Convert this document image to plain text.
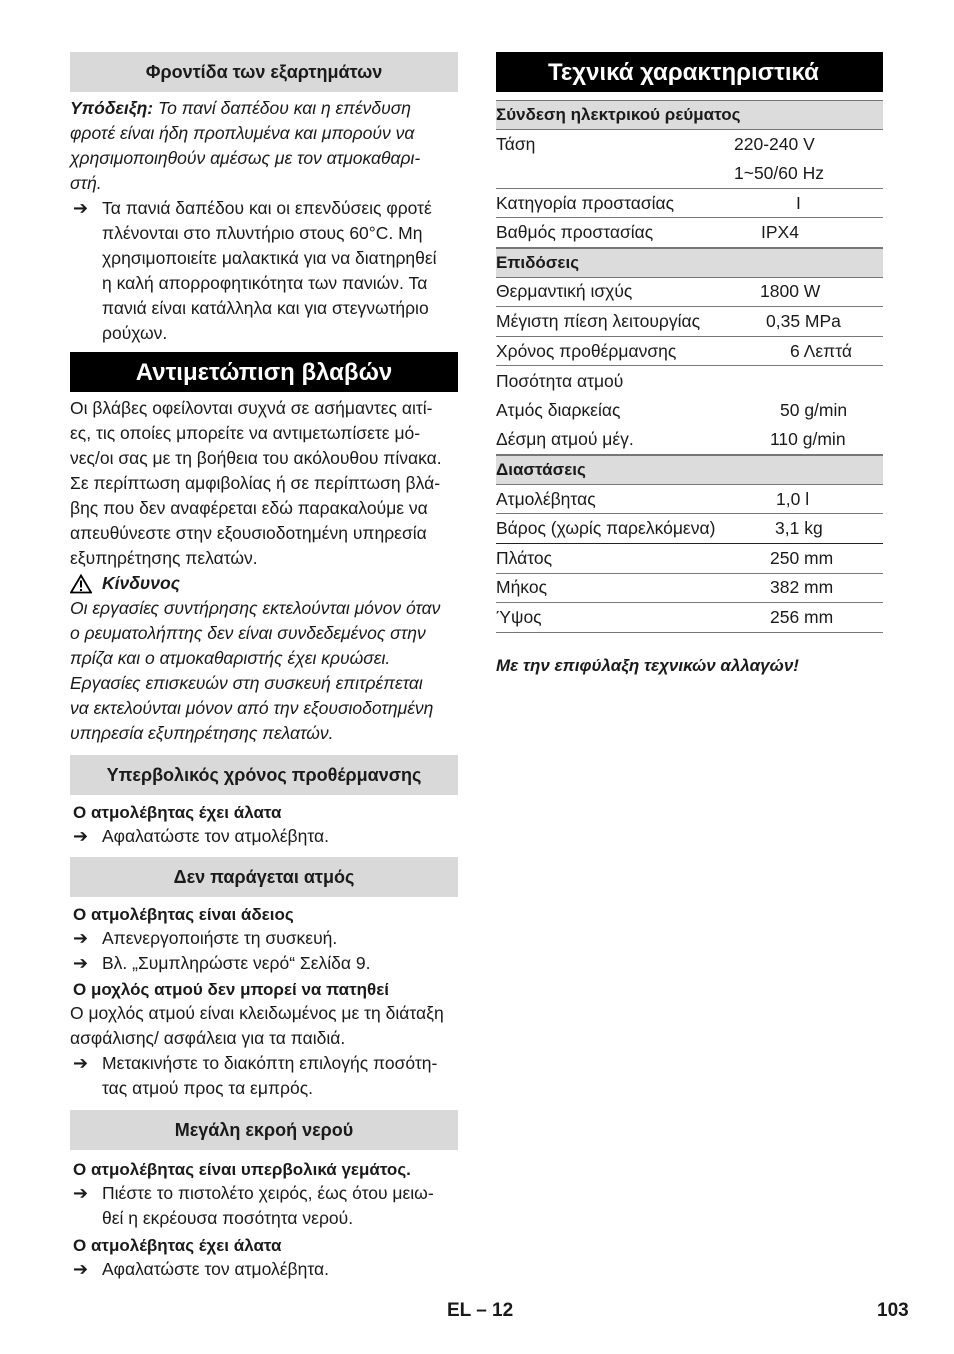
Φροντίδα των εξαρτημάτων
Υπόδειξη: Το πανί δαπέδου και η επένδυση
φροτέ είναι ήδη προπλυμένα και μπορούν να
χρησιμοποιηθούν αμέσως με τον ατμοκαθαρι-
στή.
➔ Τα πανιά δαπέδου και οι επενδύσεις φροτέ
πλένονται στο πλυντήριο στους 60°C. Μη
χρησιμοποιείτε μαλακτικά για να διατηρηθεί
η καλή απορροφητικότητα των πανιών. Τα
πανιά είναι κατάλληλα και για στεγνωτήριο
ρούχων.
Αντιμετώπιση βλαβών
Οι βλάβες οφείλονται συχνά σε ασήμαντες αιτί-
ες, τις οποίες μπορείτε να αντιμετωπίσετε μό-
νες/οι σας με τη βοήθεια του ακόλουθου πίνακα.
Σε περίπτωση αμφιβολίας ή σε περίπτωση βλά-
βης που δεν αναφέρεται εδώ παρακαλούμε να
απευθύνεστε στην εξουσιοδοτημένη υπηρεσία
εξυπηρέτησης πελατών.
Κίνδυνος
Οι εργασίες συντήρησης εκτελούνται μόνον όταν
ο ρευματολήπτης δεν είναι συνδεδεμένος στην
πρίζα και ο ατμοκαθαριστής έχει κρυώσει.
Εργασίες επισκευών στη συσκευή επιτρέπεται
να εκτελούνται μόνον από την εξουσιοδοτημένη
υπηρεσία εξυπηρέτησης πελατών.
Υπερβολικός χρόνος προθέρμανσης
Ο ατμολέβητας έχει άλατα
➔ Αφαλατώστε τον ατμολέβητα.
Δεν παράγεται ατμός
Ο ατμολέβητας είναι άδειος
➔ Απενεργοποιήστε τη συσκευή.
➔ Βλ. „Συμπληρώστε νερό“ Σελίδα 9.
Ο μοχλός ατμού δεν μπορεί να πατηθεί
Ο μοχλός ατμού είναι κλειδωμένος με τη διάταξη
ασφάλισης/ ασφάλεια για τα παιδιά.
➔ Μετακινήστε το διακόπτη επιλογής ποσότη-
τας ατμού προς τα εμπρός.
Μεγάλη εκροή νερού
Ο ατμολέβητας είναι υπερβολικά γεμάτος.
➔ Πιέστε το πιστολέτο χειρός, έως ότου μειω-
θεί η εκρέουσα ποσότητα νερού.
Ο ατμολέβητας έχει άλατα
➔ Αφαλατώστε τον ατμολέβητα.
Τεχνικά χαρακτηριστικά
Σύνδεση ηλεκτρικού ρεύματος
Τάση	220-240 V
1~50/60 Hz
Κατηγορία προστασίας	I
Βαθμός προστασίας	IPX4
Επιδόσεις
Θερμαντική ισχύς	1800 W
Μέγιστη πίεση λειτουργίας	0,35 MPa
Χρόνος προθέρμανσης	6 Λεπτά
Ποσότητα ατμού
Ατμός διαρκείας	50 g/min
Δέσμη ατμού μέγ.	110 g/min
Διαστάσεις
Ατμολέβητας	1,0 l
Βάρος (χωρίς παρελκόμενα)	3,1 kg
Πλάτος	250 mm
Μήκος	382 mm
Ύψος	256 mm
Με την επιφύλαξη τεχνικών αλλαγών!
EL – 12	103
